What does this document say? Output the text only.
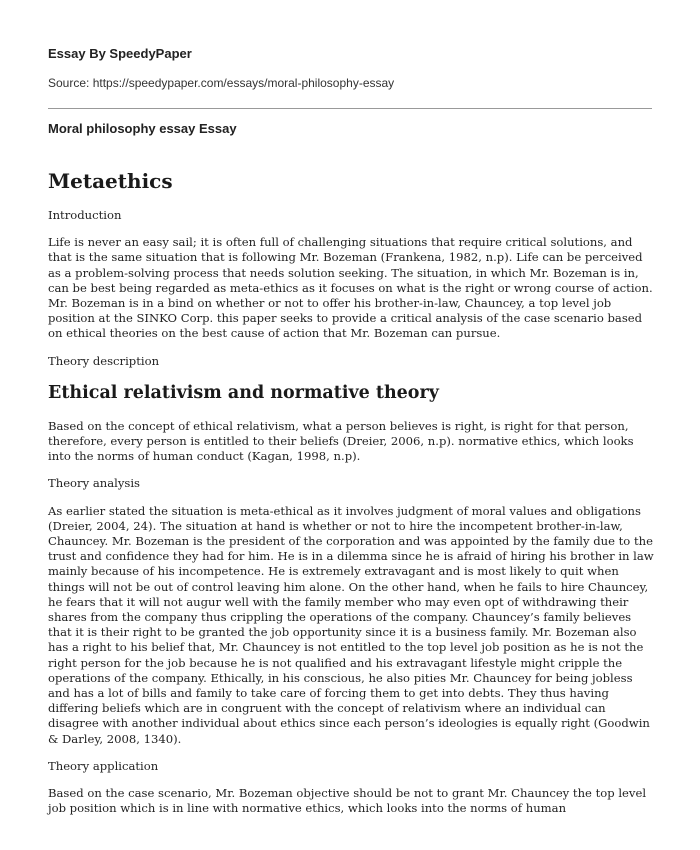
Essay By SpeedyPaper
Source: https://speedypaper.com/essays/moral-philosophy-essay
Moral philosophy essay Essay
Metaethics

Introduction

Life is never an easy sail; it is often full of challenging situations that require critical solutions, and that is the same situation that is following Mr. Bozeman (Frankena, 1982, n.p). Life can be perceived as a problem-solving process that needs solution seeking. The situation, in which Mr. Bozeman is in, can be best being regarded as meta-ethics as it focuses on what is the right or wrong course of action. Mr. Bozeman is in a bind on whether or not to offer his brother-in-law, Chauncey, a top level job position at the SINKO Corp. this paper seeks to provide a critical analysis of the case scenario based on ethical theories on the best cause of action that Mr. Bozeman can pursue.

Theory description

Ethical relativism and normative theory

Based on the concept of ethical relativism, what a person believes is right, is right for that person, therefore, every person is entitled to their beliefs (Dreier, 2006, n.p). normative ethics, which looks into the norms of human conduct (Kagan, 1998, n.p).

Theory analysis

As earlier stated the situation is meta-ethical as it involves judgment of moral values and obligations (Dreier, 2004, 24). The situation at hand is whether or not to hire the incompetent brother-in-law, Chauncey. Mr. Bozeman is the president of the corporation and was appointed by the family due to the trust and confidence they had for him. He is in a dilemma since he is afraid of hiring his brother in law mainly because of his incompetence. He is extremely extravagant and is most likely to quit when things will not be out of control leaving him alone. On the other hand, when he fails to hire Chauncey, he fears that it will not augur well with the family member who may even opt of withdrawing their shares from the company thus crippling the operations of the company. Chauncey’s family believes that it is their right to be granted the job opportunity since it is a business family. Mr. Bozeman also has a right to his belief that, Mr. Chauncey is not entitled to the top level job position as he is not the right person for the job because he is not qualified and his extravagant lifestyle might cripple the operations of the company. Ethically, in his conscious, he also pities Mr. Chauncey for being jobless and has a lot of bills and family to take care of forcing them to get into debts. They thus having differing beliefs which are in congruent with the concept of relativism where an individual can disagree with another individual about ethics since each person’s ideologies is equally right (Goodwin & Darley, 2008, 1340).

Theory application

Based on the case scenario, Mr. Bozeman objective should be not to grant Mr. Chauncey the top level job position which is in line with normative ethics, which looks into the norms of human
